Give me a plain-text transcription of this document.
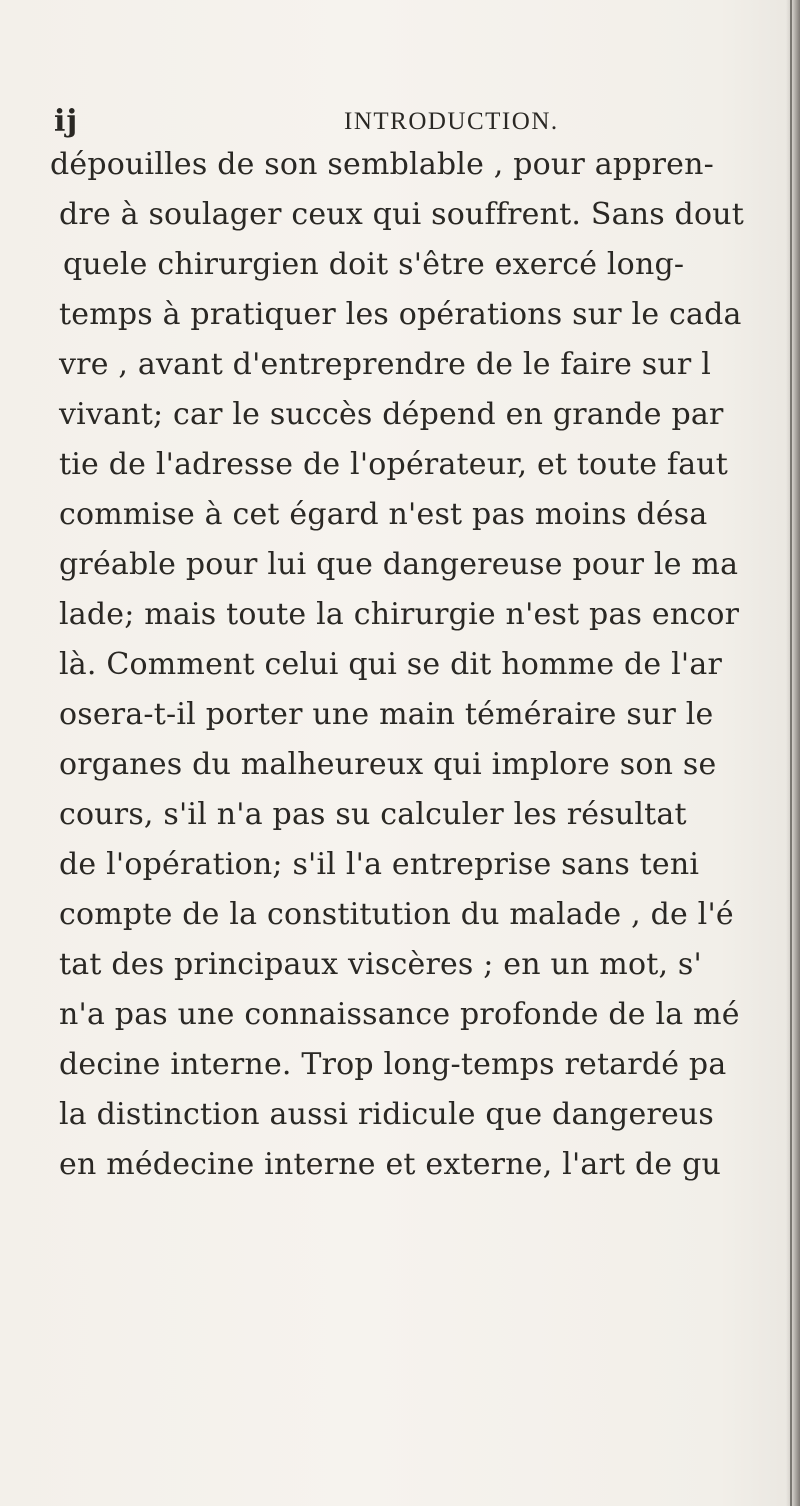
ij	INTRODUCTION.
dépouilles de son semblable , pour appren-
dre à soulager ceux qui souffrent. Sans dout
quele chirurgien doit s'être exercé long-
temps à pratiquer les opérations sur le cada
vre , avant d'entreprendre de le faire sur l
vivant; car le succès dépend en grande par
tie de l'adresse de l'opérateur, et toute faut
commise à cet égard n'est pas moins désa
gréable pour lui que dangereuse pour le ma
lade; mais toute la chirurgie n'est pas encor
là. Comment celui qui se dit homme de l'ar
osera-t-il porter une main téméraire sur le
organes du malheureux qui implore son se
cours, s'il n'a pas su calculer les résultat
de l'opération; s'il l'a entreprise sans teni
compte de la constitution du malade , de l'é
tat des principaux viscères ; en un mot, s'
n'a pas une connaissance profonde de la mé
decine interne. Trop long-temps retardé pa
la distinction aussi ridicule que dangereus
en médecine interne et externe, l'art de gu
